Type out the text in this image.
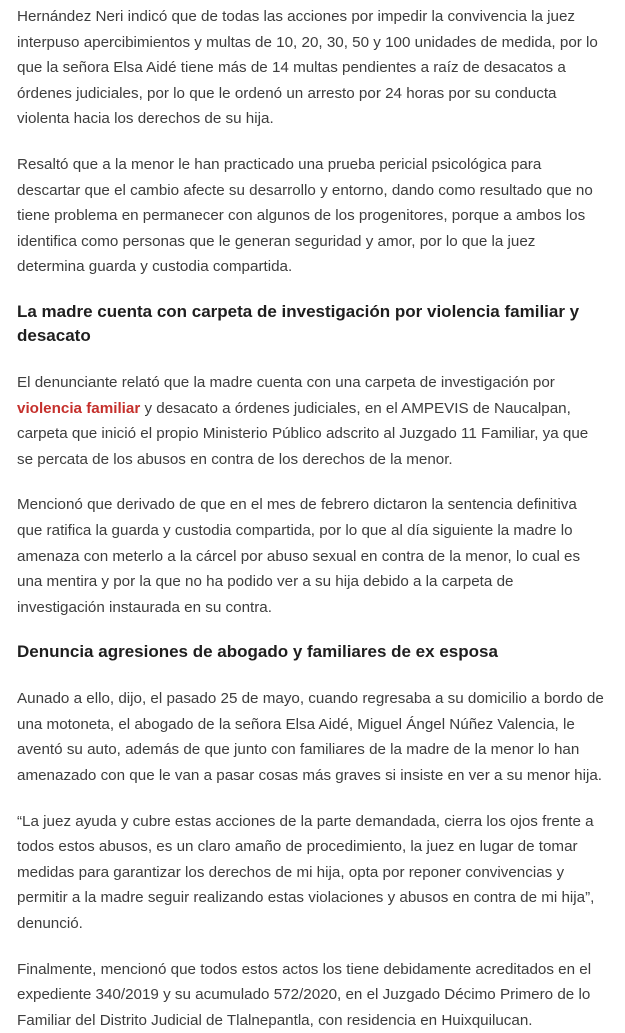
Hernández Neri indicó que de todas las acciones por impedir la convivencia la juez interpuso apercibimientos y multas de 10, 20, 30, 50 y 100 unidades de medida, por lo que la señora Elsa Aidé tiene más de 14 multas pendientes a raíz de desacatos a órdenes judiciales, por lo que le ordenó un arresto por 24 horas por su conducta violenta hacia los derechos de su hija.

Resaltó que a la menor le han practicado una prueba pericial psicológica para descartar que el cambio afecte su desarrollo y entorno, dando como resultado que no tiene problema en permanecer con algunos de los progenitores, porque a ambos los identifica como personas que le generan seguridad y amor, por lo que la juez determina guarda y custodia compartida.

La madre cuenta con carpeta de investigación por violencia familiar y desacato

El denunciante relató que la madre cuenta con una carpeta de investigación por violencia familiar y desacato a órdenes judiciales, en el AMPEVIS de Naucalpan, carpeta que inició el propio Ministerio Público adscrito al Juzgado 11 Familiar, ya que se percata de los abusos en contra de los derechos de la menor.

Mencionó que derivado de que en el mes de febrero dictaron la sentencia definitiva que ratifica la guarda y custodia compartida, por lo que al día siguiente la madre lo amenaza con meterlo a la cárcel por abuso sexual en contra de la menor, lo cual es una mentira y por la que no ha podido ver a su hija debido a la carpeta de investigación instaurada en su contra.

Denuncia agresiones de abogado y familiares de ex esposa

Aunado a ello, dijo, el pasado 25 de mayo, cuando regresaba a su domicilio a bordo de una motoneta, el abogado de la señora Elsa Aidé, Miguel Ángel Núñez Valencia, le aventó su auto, además de que junto con familiares de la madre de la menor lo han amenazado con que le van a pasar cosas más graves si insiste en ver a su menor hija.

“La juez ayuda y cubre estas acciones de la parte demandada, cierra los ojos frente a todos estos abusos, es un claro amaño de procedimiento, la juez en lugar de tomar medidas para garantizar los derechos de mi hija, opta por reponer convivencias y permitir a la madre seguir realizando estas violaciones y abusos en contra de mi hija”, denunció.

Finalmente, mencionó que todos estos actos los tiene debidamente acreditados en el expediente 340/2019 y su acumulado 572/2020, en el Juzgado Décimo Primero de lo Familiar del Distrito Judicial de Tlalnepantla, con residencia en Huixquilucan.
